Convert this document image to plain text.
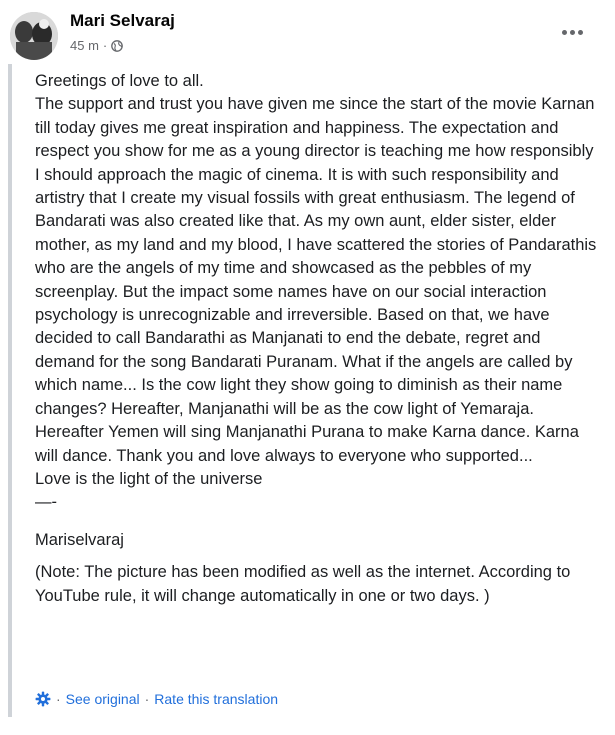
Mari Selvaraj
45 m ·

Greetings of love to all.

The support and trust you have given me since the start of the movie Karnan till today gives me great inspiration and happiness. The expectation and respect you show for me as a young director is teaching me how responsibly I should approach the magic of cinema. It is with such responsibility and artistry that I create my visual fossils with great enthusiasm. The legend of Bandarati was also created like that. As my own aunt, elder sister, elder mother, as my land and my blood, I have scattered the stories of Pandarathis who are the angels of my time and showcased as the pebbles of my screenplay. But the impact some names have on our social interaction psychology is unrecognizable and irreversible. Based on that, we have decided to call Bandarathi as Manjanati to end the debate, regret and demand for the song Bandarati Puranam. What if the angels are called by which name... Is the cow light they show going to diminish as their name changes? Hereafter, Manjanathi will be as the cow light of Yemaraja. Hereafter Yemen will sing Manjanathi Purana to make Karna dance. Karna will dance. Thank you and love always to everyone who supported...

Love is the light of the universe

—-

Mariselvaraj

(Note: The picture has been modified as well as the internet. According to YouTube rule, it will change automatically in one or two days. )

· See original · Rate this translation
